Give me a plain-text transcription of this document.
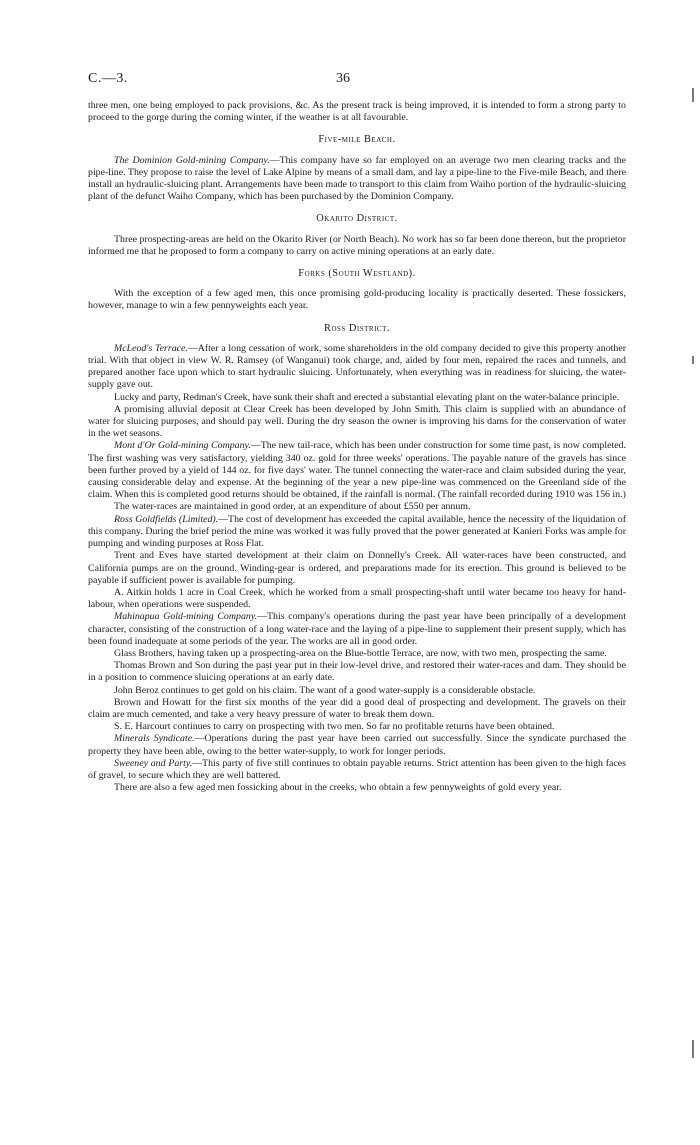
C.—3.	36

three men, one being employed to pack provisions, &c. As the present track is being improved, it is intended to form a strong party to proceed to the gorge during the coming winter, if the weather is at all favourable.

Five-mile Beach.

The Dominion Gold-mining Company.—This company have so far employed on an average two men clearing tracks and the pipe-line. They propose to raise the level of Lake Alpine by means of a small dam, and lay a pipe-line to the Five-mile Beach, and there install an hydraulic-sluicing plant. Arrangements have been made to transport to this claim from Waiho portion of the hydraulic-sluicing plant of the defunct Waiho Company, which has been purchased by the Dominion Company.

Okarito District.

Three prospecting-areas are held on the Okarito River (or North Beach). No work has so far been done thereon, but the proprietor informed me that he proposed to form a company to carry on active mining operations at an early date.

Forks (South Westland).

With the exception of a few aged men, this once promising gold-producing locality is practically deserted. These fossickers, however, manage to win a few pennyweights each year.

Ross District.

McLeod's Terrace.—After a long cessation of work, some shareholders in the old company decided to give this property another trial. With that object in view W. R. Ramsey (of Wanganui) took charge, and, aided by four men, repaired the races and tunnels, and prepared another face upon which to start hydraulic sluicing. Unfortunately, when everything was in readiness for sluicing, the water-supply gave out.

Lucky and party, Redman's Creek, have sunk their shaft and erected a substantial elevating plant on the water-balance principle.

A promising alluvial deposit at Clear Creek has been developed by John Smith. This claim is supplied with an abundance of water for sluicing purposes, and should pay well. During the dry season the owner is improving his dams for the conservation of water in the wet seasons.

Mont d'Or Gold-mining Company.—The new tail-race, which has been under construction for some time past, is now completed. The first washing was very satisfactory, yielding 340 oz. gold for three weeks' operations. The payable nature of the gravels has since been further proved by a yield of 144 oz. for five days' water. The tunnel connecting the water-race and claim subsided during the year, causing considerable delay and expense. At the beginning of the year a new pipe-line was commenced on the Greenland side of the claim. When this is completed good returns should be obtained, if the rainfall is normal. (The rainfall recorded during 1910 was 156 in.)

The water-races are maintained in good order, at an expenditure of about £550 per annum.

Ross Goldfields (Limited).—The cost of development has exceeded the capital available, hence the necessity of the liquidation of this company. During the brief period the mine was worked it was fully proved that the power generated at Kanieri Forks was ample for pumping and winding purposes at Ross Flat.

Trent and Eves have started development at their claim on Donnelly's Creek. All water-races have been constructed, and California pumps are on the ground. Winding-gear is ordered, and preparations made for its erection. This ground is believed to be payable if sufficient power is available for pumping.

A. Aitkin holds 1 acre in Coal Creek, which he worked from a small prospecting-shaft until water became too heavy for hand-labour, when operations were suspended.

Mahinapua Gold-mining Company.—This company's operations during the past year have been principally of a development character, consisting of the construction of a long water-race and the laying of a pipe-line to supplement their present supply, which has been found inadequate at some periods of the year. The works are all in good order.

Glass Brothers, having taken up a prospecting-area on the Blue-bottle Terrace, are now, with two men, prospecting the same.

Thomas Brown and Son during the past year put in their low-level drive, and restored their water-races and dam. They should be in a position to commence sluicing operations at an early date.

John Beroz continues to get gold on his claim. The want of a good water-supply is a considerable obstacle.

Brown and Howatt for the first six months of the year did a good deal of prospecting and development. The gravels on their claim are much cemented, and take a very heavy pressure of water to break them down.

S. E. Harcourt continues to carry on prospecting with two men. So far no profitable returns have been obtained.

Minerals Syndicate.—Operations during the past year have been carried out successfully. Since the syndicate purchased the property they have been able, owing to the better water-supply, to work for longer periods.

Sweeney and Party.—This party of five still continues to obtain payable returns. Strict attention has been given to the high faces of gravel, to secure which they are well battered.

There are also a few aged men fossicking about in the creeks, who obtain a few pennyweights of gold every year.
